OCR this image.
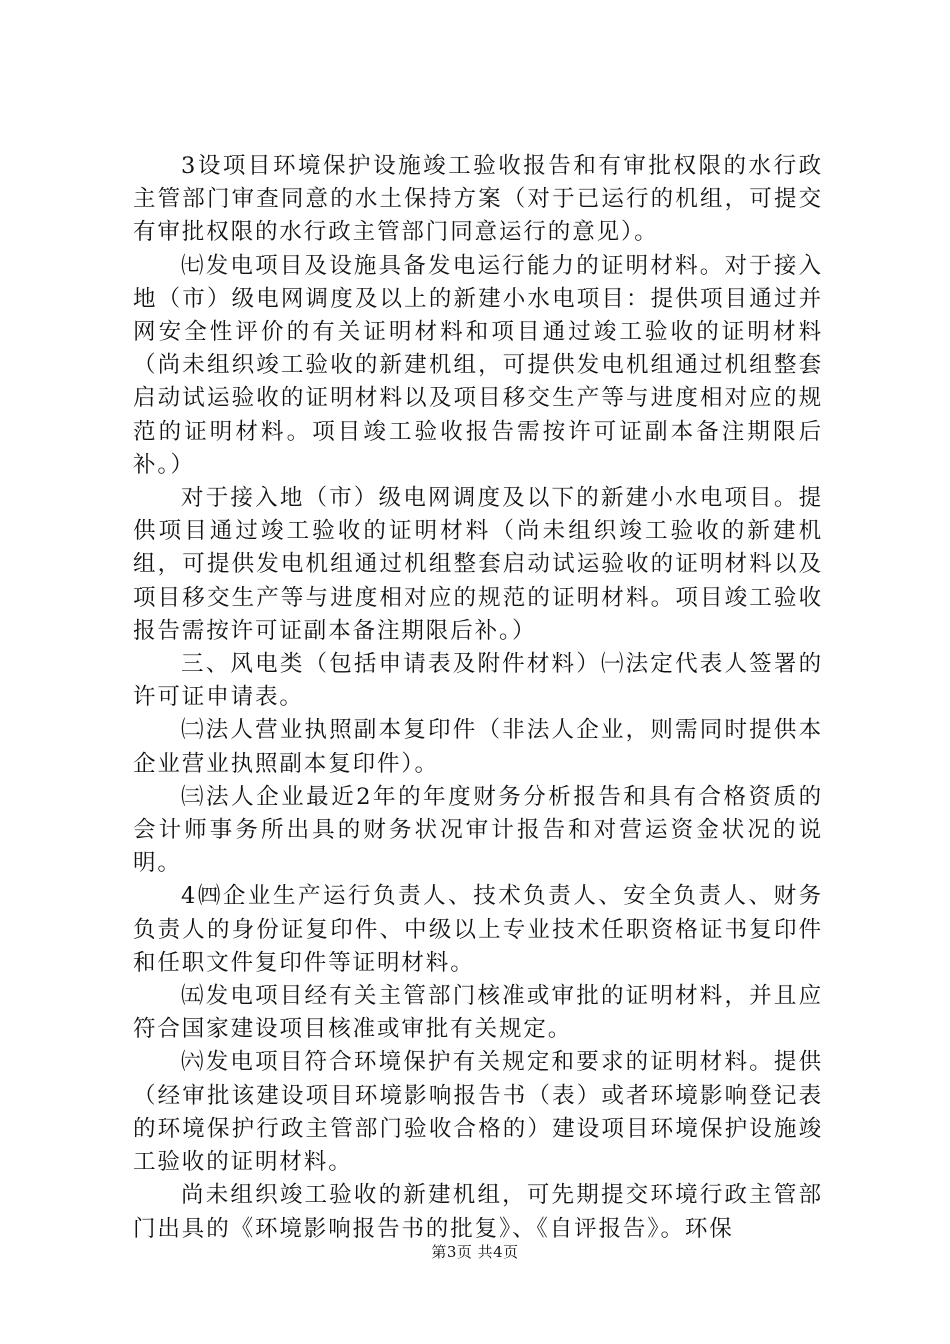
3设项目环境保护设施竣工验收报告和有审批权限的水行政主管部门审查同意的水土保持方案（对于已运行的机组，可提交有审批权限的水行政主管部门同意运行的意见）。

㈦发电项目及设施具备发电运行能力的证明材料。对于接入地（市）级电网调度及以上的新建小水电项目：提供项目通过并网安全性评价的有关证明材料和项目通过竣工验收的证明材料（尚未组织竣工验收的新建机组，可提供发电机组通过机组整套启动试运验收的证明材料以及项目移交生产等与进度相对应的规范的证明材料。项目竣工验收报告需按许可证副本备注期限后补。）

对于接入地（市）级电网调度及以下的新建小水电项目。提供项目通过竣工验收的证明材料（尚未组织竣工验收的新建机组，可提供发电机组通过机组整套启动试运验收的证明材料以及项目移交生产等与进度相对应的规范的证明材料。项目竣工验收报告需按许可证副本备注期限后补。）

三、风电类（包括申请表及附件材料）㈠法定代表人签署的许可证申请表。

㈡法人营业执照副本复印件（非法人企业，则需同时提供本企业营业执照副本复印件）。

㈢法人企业最近2年的年度财务分析报告和具有合格资质的会计师事务所出具的财务状况审计报告和对营运资金状况的说明。

4㈣企业生产运行负责人、技术负责人、安全负责人、财务负责人的身份证复印件、中级以上专业技术任职资格证书复印件和任职文件复印件等证明材料。

㈤发电项目经有关主管部门核准或审批的证明材料，并且应符合国家建设项目核准或审批有关规定。

㈥发电项目符合环境保护有关规定和要求的证明材料。提供（经审批该建设项目环境影响报告书（表）或者环境影响登记表的环境保护行政主管部门验收合格的）建设项目环境保护设施竣工验收的证明材料。

尚未组织竣工验收的新建机组，可先期提交环境行政主管部门出具的《环境影响报告书的批复》、《自评报告》。环保

第3页 共4页
